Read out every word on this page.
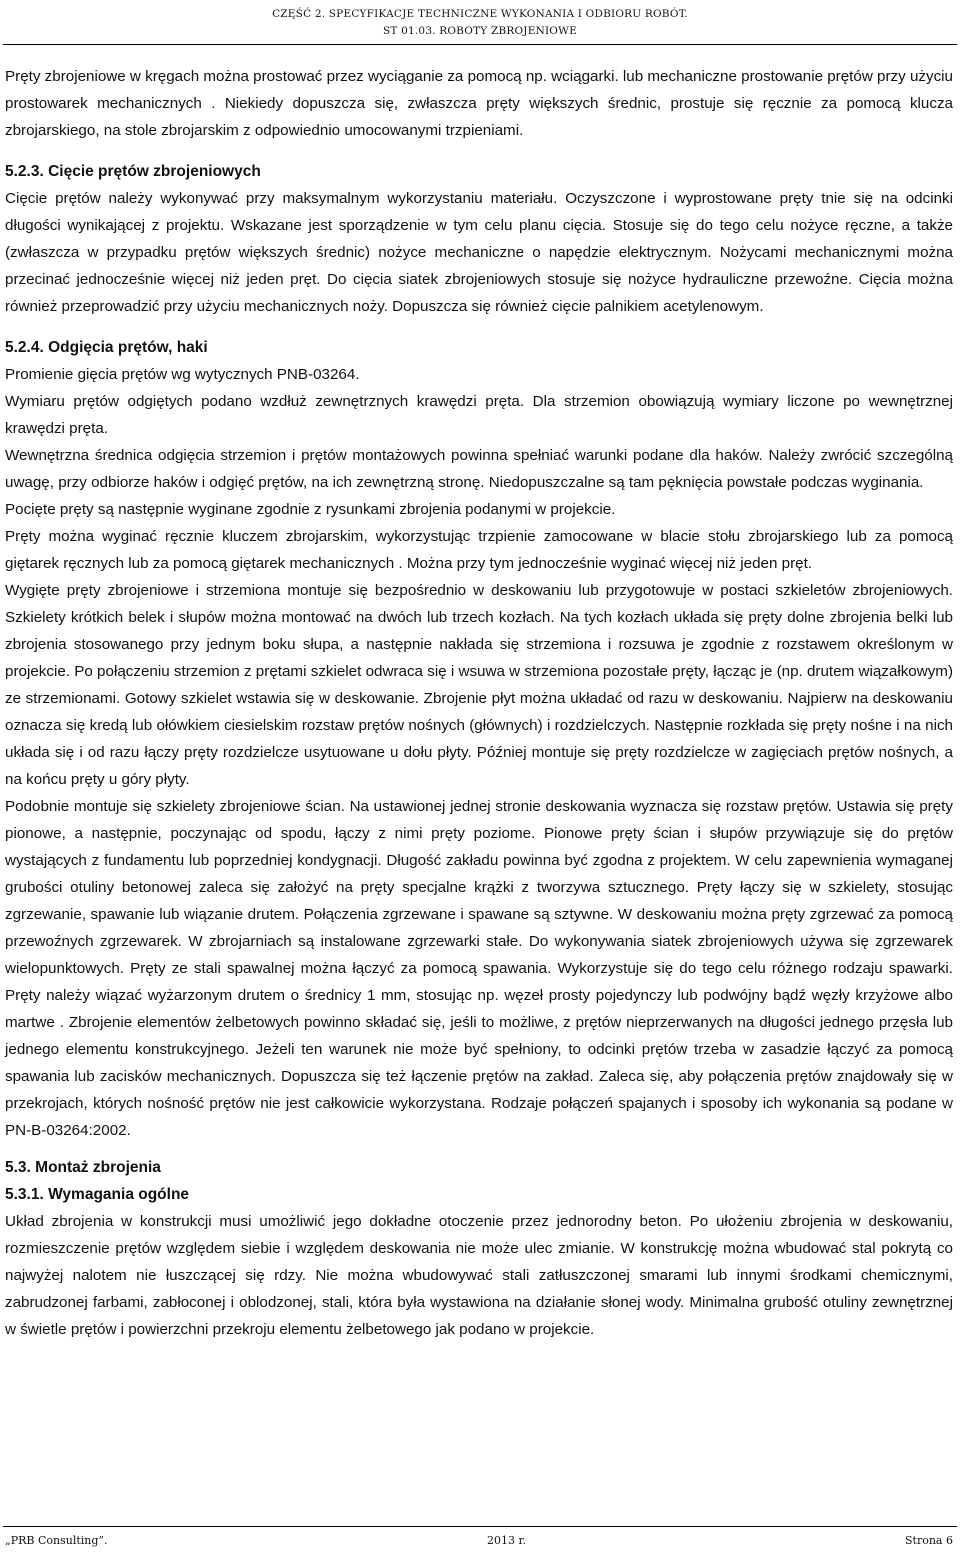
CZĘŚĆ 2. SPECYFIKACJE TECHNICZNE WYKONANIA I ODBIORU ROBÓT.
ST 01.03. ROBOTY ZBROJENIOWE

Pręty zbrojeniowe w kręgach można prostować przez wyciąganie za pomocą np. wciągarki. lub mechaniczne prostowanie prętów przy użyciu prostowarek mechanicznych . Niekiedy dopuszcza się, zwłaszcza pręty większych średnic, prostuje się ręcznie za pomocą klucza zbrojarskiego, na stole zbrojarskim z odpowiednio umocowanymi trzpieniami.

5.2.3. Cięcie prętów zbrojeniowych

Cięcie prętów należy wykonywać przy maksymalnym wykorzystaniu materiału. Oczyszczone i wyprostowane pręty tnie się na odcinki długości wynikającej z projektu. Wskazane jest sporządzenie w tym celu planu cięcia. Stosuje się do tego celu nożyce ręczne, a także (zwłaszcza w przypadku prętów większych średnic) nożyce mechaniczne o napędzie elektrycznym. Nożycami mechanicznymi można przecinać jednocześnie więcej niż jeden pręt. Do cięcia siatek zbrojeniowych stosuje się nożyce hydrauliczne przewoźne. Cięcia można również przeprowadzić przy użyciu mechanicznych noży. Dopuszcza się również cięcie palnikiem acetylenowym.

5.2.4. Odgięcia prętów, haki

Promienie gięcia prętów wg wytycznych PNB-03264.

Wymiaru prętów odgiętych podano wzdłuż zewnętrznych krawędzi pręta. Dla strzemion obowiązują wymiary liczone po wewnętrznej krawędzi pręta.

Wewnętrzna średnica odgięcia strzemion i prętów montażowych powinna spełniać warunki podane dla haków. Należy zwrócić szczególną uwagę, przy odbiorze haków i odgięć prętów, na ich zewnętrzną stronę. Niedopuszczalne są tam pęknięcia powstałe podczas wyginania.

Pocięte pręty są następnie wyginane zgodnie z rysunkami zbrojenia podanymi w projekcie.

Pręty można wyginać ręcznie kluczem zbrojarskim, wykorzystując trzpienie zamocowane w blacie stołu zbrojarskiego lub za pomocą giętarek ręcznych lub za pomocą giętarek mechanicznych . Można przy tym jednocześnie wyginać więcej niż jeden pręt.

Wygięte pręty zbrojeniowe i strzemiona montuje się bezpośrednio w deskowaniu lub przygotowuje w postaci szkieletów zbrojeniowych. Szkielety krótkich belek i słupów można montować na dwóch lub trzech kozłach. Na tych kozłach układa się pręty dolne zbrojenia belki lub zbrojenia stosowanego przy jednym boku słupa, a następnie nakłada się strzemiona i rozsuwa je zgodnie z rozstawem określonym w projekcie. Po połączeniu strzemion z prętami szkielet odwraca się i wsuwa w strzemiona pozostałe pręty, łącząc je (np. drutem wiązałkowym) ze strzemionami. Gotowy szkielet wstawia się w deskowanie. Zbrojenie płyt można układać od razu w deskowaniu. Najpierw na deskowaniu oznacza się kredą lub ołówkiem ciesielskim rozstaw prętów nośnych (głównych) i rozdzielczych. Następnie rozkłada się pręty nośne i na nich układa się i od razu łączy pręty rozdzielcze usytuowane u dołu płyty. Później montuje się pręty rozdzielcze w zagięciach prętów nośnych, a na końcu pręty u góry płyty.

Podobnie montuje się szkielety zbrojeniowe ścian. Na ustawionej jednej stronie deskowania wyznacza się rozstaw prętów. Ustawia się pręty pionowe, a następnie, poczynając od spodu, łączy z nimi pręty poziome. Pionowe pręty ścian i słupów przywiązuje się do prętów wystających z fundamentu lub poprzedniej kondygnacji. Długość zakładu powinna być zgodna z projektem. W celu zapewnienia wymaganej grubości otuliny betonowej zaleca się założyć na pręty specjalne krążki z tworzywa sztucznego. Pręty łączy się w szkielety, stosując zgrzewanie, spawanie lub wiązanie drutem. Połączenia zgrzewane i spawane są sztywne. W deskowaniu można pręty zgrzewać za pomocą przewoźnych zgrzewarek. W zbrojarniach są instalowane zgrzewarki stałe. Do wykonywania siatek zbrojeniowych używa się zgrzewarek wielopunktowych. Pręty ze stali spawalnej można łączyć za pomocą spawania. Wykorzystuje się do tego celu różnego rodzaju spawarki. Pręty należy wiązać wyżarzonym drutem o średnicy 1 mm, stosując np. węzeł prosty pojedynczy lub podwójny bądź węzły krzyżowe albo martwe . Zbrojenie elementów żelbetowych powinno składać się, jeśli to możliwe, z prętów nieprzerwanych na długości jednego przęsła lub jednego elementu konstrukcyjnego. Jeżeli ten warunek nie może być spełniony, to odcinki prętów trzeba w zasadzie łączyć za pomocą spawania lub zacisków mechanicznych. Dopuszcza się też łączenie prętów na zakład. Zaleca się, aby połączenia prętów znajdowały się w przekrojach, których nośność prętów nie jest całkowicie wykorzystana. Rodzaje połączeń spajanych i sposoby ich wykonania są podane w PN-B-03264:2002.

5.3. Montaż zbrojenia
5.3.1. Wymagania ogólne

Układ zbrojenia w konstrukcji musi umożliwić jego dokładne otoczenie przez jednorodny beton. Po ułożeniu zbrojenia w deskowaniu, rozmieszczenie prętów względem siebie i względem deskowania nie może ulec zmianie. W konstrukcję można wbudować stal pokrytą co najwyżej nalotem nie łuszczącej się rdzy. Nie można wbudowywać stali zatłuszczonej smarami lub innymi środkami chemicznymi, zabrudzonej farbami, zabłoconej i oblodzonej, stali, która była wystawiona na działanie słonej wody. Minimalna grubość otuliny zewnętrznej w świetle prętów i powierzchni przekroju elementu żelbetowego jak podano w projekcie.

„PRB Consulting”.	2013 r.	Strona 6
